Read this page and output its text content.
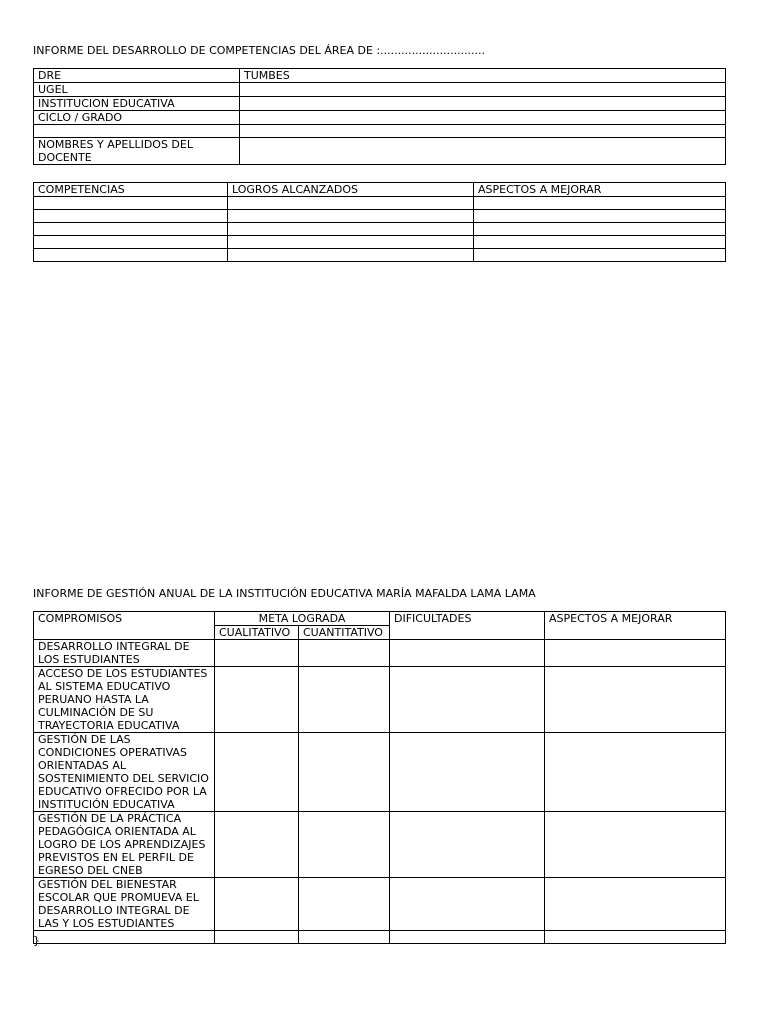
INFORME DEL DESARROLLO DE COMPETENCIAS DEL ÁREA DE :..............................

DRE	TUMBES
UGEL	
INSTITUCION EDUCATIVA	
CICLO / GRADO	

NOMBRES Y APELLIDOS DEL DOCENTE	
COMPETENCIAS	LOGROS ALCANZADOS	ASPECTOS A MEJORAR

INFORME DE GESTIÓN ANUAL DE LA INSTITUCIÓN EDUCATIVA MARÍA MAFALDA LAMA LAMA

COMPROMISOS	META LOGRADA		DIFICULTADES	ASPECTOS A MEJORAR
	CUALITATIVO	CUANTITATIVO		
DESARROLLO INTEGRAL DE LOS ESTUDIANTES				
ACCESO DE LOS ESTUDIANTES AL SISTEMA EDUCATIVO PERUANO HASTA LA CULMINACIÓN DE SU TRAYECTORIA EDUCATIVA				
GESTIÓN DE LAS CONDICIONES OPERATIVAS ORIENTADAS AL SOSTENIMIENTO DEL SERVICIO EDUCATIVO OFRECIDO POR LA INSTITUCIÓN EDUCATIVA				
GESTIÓN DE LA PRÁCTICA PEDAGÓGICA ORIENTADA AL LOGRO DE LOS APRENDIZAJES PREVISTOS EN EL PERFIL DE EGRESO DEL CNEB				
GESTIÓN DEL BIENESTAR ESCOLAR QUE PROMUEVA EL DESARROLLO INTEGRAL DE LAS Y LOS ESTUDIANTES				

}
